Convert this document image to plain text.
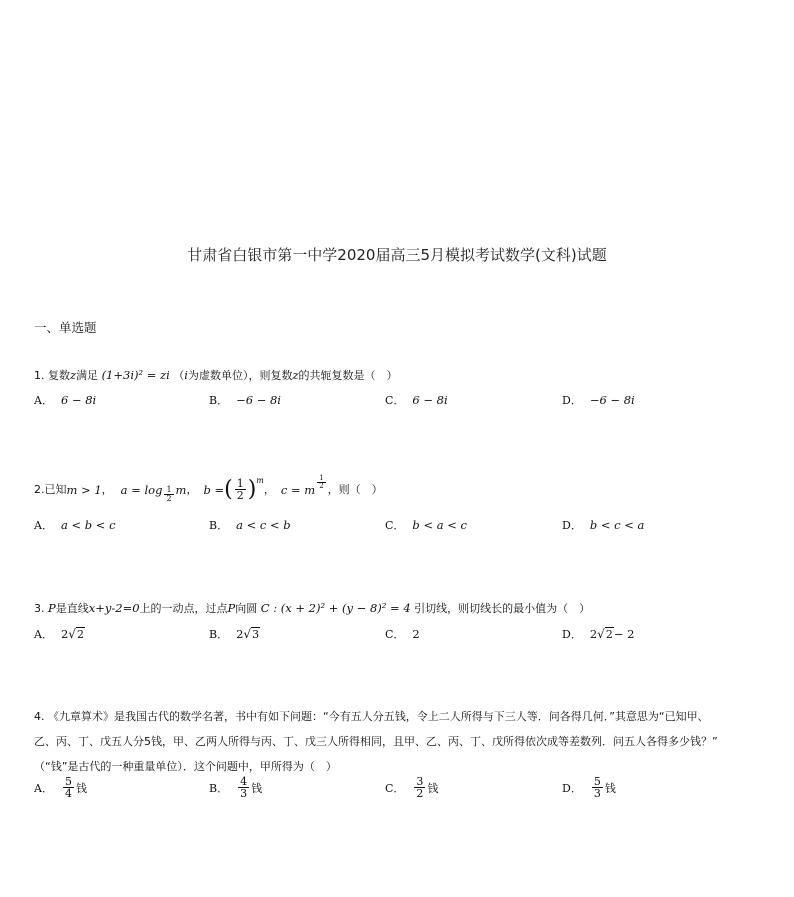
甘肃省白银市第一中学2020届高三5月模拟考试数学(文科)试题
一、单选题
1. 复数z满足 (1+3i)² = zi （i为虚数单位），则复数z的共轭复数是（　）
A． 6 − 8i	B． −6 − 8i	C． 6 − 8i	D． −6 − 8i
2. 已知 m > 1 ， $a = \log \frac{1}{2}$ m ， b = ( $\frac{1}{2}$ ) m
， c = m $\frac{1}{2}$ ，则（　）
A． a < b < c	B． a < c < b	C． b < a < c	D． b < c < a
3. P是直线x+y-2=0上的一动点，过点P向圆 C : (x + 2)² + (y − 8)² = 4 引切线，则切线长的最小值为（　）
A． 2 √ 2	B． 2 √ 3	C． 2	D． 2 √ 2 − 2
4. 《九章算术》是我国古代的数学名著，书中有如下问题：“今有五人分五钱，令上二人所得与下三人等．问各得几何．”其意思为“已知甲、
乙、丙、丁、戊五人分5钱，甲、乙两人所得与丙、丁、戊三人所得相同，且甲、乙、丙、丁、戊所得依次成等差数列．问五人各得多少钱？”
（“钱”是古代的一种重量单位）．这个问题中，甲所得为（　）
A． $\frac{5}{4}$ 钱	B． $\frac{4}{3}$ 钱	C． $\frac{3}{2}$ 钱	D． $\frac{5}{3}$ 钱
